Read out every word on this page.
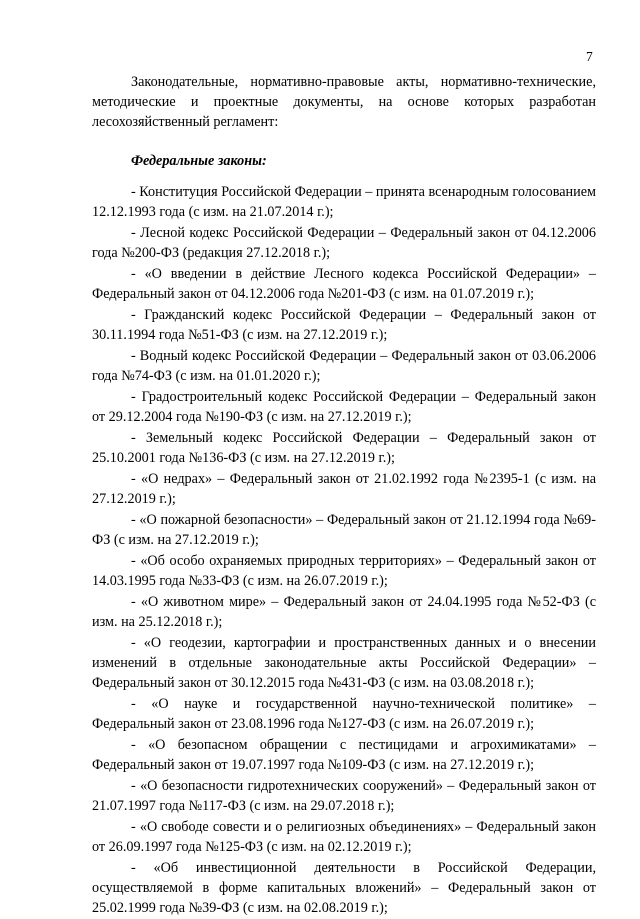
7

Законодательные, нормативно-правовые акты, нормативно-технические, методические и проектные документы, на основе которых разработан лесохозяйственный регламент:

Федеральные законы:

- Конституция Российской Федерации – принята всенародным голосованием 12.12.1993 года (с изм. на 21.07.2014 г.);

- Лесной кодекс Российской Федерации – Федеральный закон от 04.12.2006 года №200-ФЗ (редакция 27.12.2018 г.);

- «О введении в действие Лесного кодекса Российской Федерации» – Федеральный закон от 04.12.2006 года №201-ФЗ (с изм. на 01.07.2019 г.);

- Гражданский кодекс Российской Федерации – Федеральный закон от 30.11.1994 года №51-ФЗ (с изм. на 27.12.2019 г.);

- Водный кодекс Российской Федерации – Федеральный закон от 03.06.2006 года №74-ФЗ (с изм. на 01.01.2020 г.);

- Градостроительный кодекс Российской Федерации – Федеральный закон от 29.12.2004 года №190-ФЗ (с изм. на 27.12.2019 г.);

- Земельный кодекс Российской Федерации – Федеральный закон от 25.10.2001 года №136-ФЗ (с изм. на 27.12.2019 г.);

- «О недрах» – Федеральный закон от 21.02.1992 года №2395-1 (с изм. на 27.12.2019 г.);

- «О пожарной безопасности» – Федеральный закон от 21.12.1994 года №69-ФЗ (с изм. на 27.12.2019 г.);

- «Об особо охраняемых природных территориях» – Федеральный закон от 14.03.1995 года №33-ФЗ (с изм. на 26.07.2019 г.);

- «О животном мире» – Федеральный закон от 24.04.1995 года №52-ФЗ (с изм. на 25.12.2018 г.);

- «О геодезии, картографии и пространственных данных и о внесении изменений в отдельные законодательные акты Российской Федерации» – Федеральный закон от 30.12.2015 года №431-ФЗ (с изм. на 03.08.2018 г.);

- «О науке и государственной научно-технической политике» – Федеральный закон от 23.08.1996 года №127-ФЗ (с изм. на 26.07.2019 г.);

- «О безопасном обращении с пестицидами и агрохимикатами» – Федеральный закон от 19.07.1997 года №109-ФЗ (с изм. на 27.12.2019 г.);

- «О безопасности гидротехнических сооружений» – Федеральный закон от 21.07.1997 года №117-ФЗ (с изм. на 29.07.2018 г.);

- «О свободе совести и о религиозных объединениях» – Федеральный закон от 26.09.1997 года №125-ФЗ (с изм. на 02.12.2019 г.);

- «Об инвестиционной деятельности в Российской Федерации, осуществляемой в форме капитальных вложений» – Федеральный закон от 25.02.1999 года №39-ФЗ (с изм. на 02.08.2019 г.);
